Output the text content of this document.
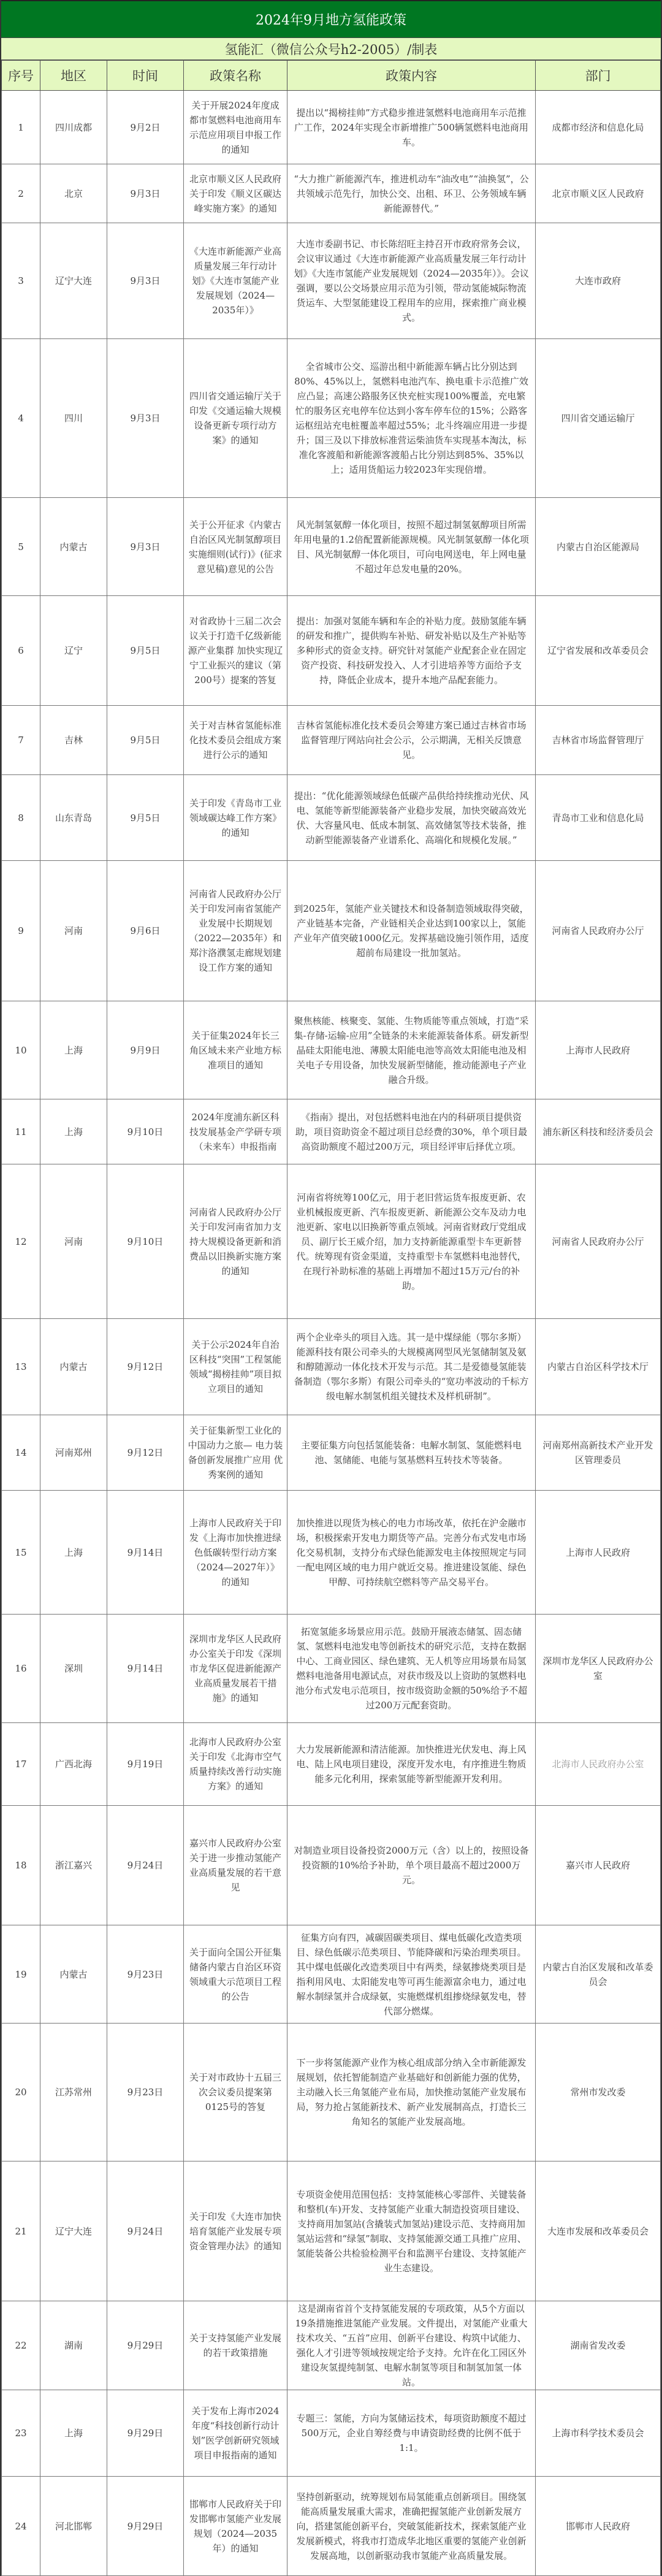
2024年9月地方氢能政策
氢能汇（微信公众号h2-2005）/制表
序号	地区	时间	政策名称	政策内容	部门
1	四川成都	9月2日	关于开展2024年度成都市氢燃料电池商用车示范应用项目申报工作的通知	提出以“揭榜挂帅”方式稳步推进氢燃料电池商用车示范推广工作，2024年实现全市新增推广500辆氢燃料电池商用车。	成都市经济和信息化局
2	北京	9月3日	北京市顺义区人民政府关于印发《顺义区碳达峰实施方案》的通知	“大力推广新能源汽车，推进机动车“油改电”“油换氢”，公共领域示范先行，加快公交、出租、环卫、公务领域车辆新能源替代。”	北京市顺义区人民政府
3	辽宁大连	9月3日	《大连市新能源产业高质量发展三年行动计划》《大连市氢能产业发展规划（2024—2035年）》	大连市委副书记、市长陈绍旺主持召开市政府常务会议，会议审议通过《大连市新能源产业高质量发展三年行动计划》《大连市氢能产业发展规划（2024—2035年）》。会议强调，要以公交场景应用示范为引领，带动氢能城际物流货运车、大型氢能建设工程用车的应用，探索推广商业模式。	大连市政府
4	四川	9月3日	四川省交通运输厅关于印发《交通运输大规模设备更新专项行动方案》的通知	全省城市公交、巡游出租中新能源车辆占比分别达到80%、45%以上，氢燃料电池汽车、换电重卡示范推广效应凸显；高速公路服务区快充桩实现100%覆盖，充电繁忙的服务区充电停车位达到小客车停车位的15%；公路客运枢纽站充电桩覆盖率超过55%；北斗终端应用进一步提升；国三及以下排放标准营运柴油货车实现基本淘汰，标准化客渡船和新能源客渡船占比分别达到85%、35%以上；适用货船运力较2023年实现倍增。	四川省交通运输厅
5	内蒙古	9月3日	关于公开征求《内蒙古自治区风光制氢醇项目实施细则(试行)》(征求意见稿)意见的公告	风光制氢氨醇一体化项目，按照不超过制氢氨醇项目所需年用电量的1.2倍配置新能源规模。风光制氢氨醇一体化项目、风光制氨醇一体化项目，可向电网送电，年上网电量不超过年总发电量的20%。	内蒙古自治区能源局
6	辽宁	9月5日	对省政协十三届二次会议关于打造千亿级新能源产业集群 加快实现辽宁工业振兴的建议（第200号）提案的答复	提出：加强对氢能车辆和车企的补贴力度。鼓励氢能车辆的研发和推广，提供购车补贴、研发补贴以及生产补贴等多种形式的资金支持。研究针对氢能产业配套企业在固定资产投资、科技研发投入、人才引进培养等方面给予支持，降低企业成本，提升本地产品配套能力。	辽宁省发展和改革委员会
7	吉林	9月5日	关于对吉林省氢能标准化技术委员会组成方案进行公示的通知	吉林省氢能标准化技术委员会筹建方案已通过吉林省市场监督管理厅网站向社会公示，公示期满，无相关反馈意见。	吉林省市场监督管理厅
8	山东青岛	9月5日	关于印发《青岛市工业领域碳达峰工作方案》的通知	提出：“优化能源领域绿色低碳产品供给持续推动光伏、风电、氢能等新型能源装备产业稳步发展，加快突破高效光伏、大容量风电、低成本制氢、高效储氢等技术装备，推动新型能源装备产业谱系化、高端化和规模化发展。”	青岛市工业和信息化局
9	河南	9月6日	河南省人民政府办公厅关于印发河南省氢能产业发展中长期规划（2022—2035年）和郑汴洛濮氢走廊规划建设工作方案的通知	到2025年，氢能产业关键技术和设备制造领域取得突破，产业链基本完备，产业链相关企业达到100家以上，氢能产业年产值突破1000亿元。发挥基础设施引领作用，适度超前布局建设一批加氢站。	河南省人民政府办公厅
10	上海	9月9日	关于征集2024年长三角区域未来产业地方标准项目的通知	聚焦核能、核聚变、氢能、生物质能等重点领域，打造“采集-存储-运输-应用”全链条的未来能源装备体系。研发新型晶硅太阳能电池、薄膜太阳能电池等高效太阳能电池及相关电子专用设备，加快发展新型储能，推动能源电子产业融合升级。	上海市人民政府
11	上海	9月10日	2024年度浦东新区科技发展基金产学研专项（未来车）申报指南	《指南》提出，对包括燃料电池在内的科研项目提供资助，项目资助资金不超过项目总经费的30%，单个项目最高资助额度不超过200万元，项目经评审后择优立项。	浦东新区科技和经济委员会
12	河南	9月10日	河南省人民政府办公厅关于印发河南省加力支持大规模设备更新和消费品以旧换新实施方案的通知	河南省将统筹100亿元，用于老旧营运货车报废更新、农业机械报废更新、汽车报废更新、新能源公交车及动力电池更新、家电以旧换新等重点领域。河南省财政厅党组成员、副厅长王威介绍，加力支持新能源重型卡车更新替代。统筹现有资金渠道，支持重型卡车氢燃料电池替代，在现行补助标准的基础上再增加不超过15万元/台的补助。	河南省人民政府办公厅
13	内蒙古	9月12日	关于公示2024年自治区科技“突围”工程氢能领域“揭榜挂帅”项目拟立项目的通知	两个企业牵头的项目入选。其一是中煤绿能（鄂尔多斯）能源科技有限公司牵头的大规模离网型风光氢储制氢及氨和醇随源动一体化技术开发与示范。其二是爱德曼氢能装备制造（鄂尔多斯）有限公司牵头的“宽功率波动的千标方级电解水制氢机组关键技术及样机研制”。	内蒙古自治区科学技术厅
14	河南郑州	9月12日	关于征集新型工业化的中国动力之旅— 电力装备创新发展推广应用 优秀案例的通知	主要征集方向包括氢能装备：电解水制氢、氢能燃料电池、氢储能、电能与氢基燃料互转技术等装备。	河南郑州高新技术产业开发区管理委员
15	上海	9月14日	上海市人民政府关于印发《上海市加快推进绿色低碳转型行动方案（2024—2027年）》的通知	加快推进以现货为核心的电力市场改革，依托在沪金融市场，积极探索开发电力期货等产品。完善分布式发电市场化交易机制，支持分布式绿色能源发电主体按照规定与同一配电网区域的电力用户就近交易。推进建设氢能、绿色甲醇、可持续航空燃料等产品交易平台。	上海市人民政府
16	深圳	9月14日	深圳市龙华区人民政府办公室关于印发《深圳市龙华区促进新能源产业高质量发展若干措施》的通知	拓宽氢能多场景应用示范。鼓励开展液态储氢、固态储氢、氢燃料电池发电等创新技术的研究示范，支持在数据中心、工商业园区、绿色建筑、无人机等应用场景布局氢燃料电池备用电源试点，对获市级及以上资助的氢燃料电池分布式发电示范项目，按市级资助金额的50%给予不超过200万元配套资助。	深圳市龙华区人民政府办公室
17	广西北海	9月19日	北海市人民政府办公室关于印发《北海市空气质量持续改善行动实施方案》的通知	大力发展新能源和清洁能源。加快推进光伏发电、海上风电、陆上风电项目建设，深度开发水电，有序推进生物质能多元化利用，探索氢能等新型能源开发利用。	北海市人民政府办公室
18	浙江嘉兴	9月24日	嘉兴市人民政府办公室关于进一步推动氢能产业高质量发展的若干意见	对制造业项目设备投资2000万元（含）以上的，按照设备投资额的10%给予补助，单个项目最高不超过2000万元。	嘉兴市人民政府
19	内蒙古	9月23日	关于面向全国公开征集储备内蒙古自治区环资领域重大示范项目工程的公告	征集方向有四，减碳固碳类项目、煤电低碳化改造类项目、绿色低碳示范类项目、节能降碳和污染治理类项目。其中煤电低碳化改造类项目中有两类，绿氨掺烧类项目是指利用风电、太阳能发电等可再生能源富余电力，通过电解水制绿氢并合成绿氨，实施燃煤机组掺烧绿氨发电，替代部分燃煤。	内蒙古自治区发展和改革委员会
20	江苏常州	9月23日	关于对市政协十五届三次会议委员提案第0125号的答复	下一步将氢能源产业作为核心组成部分纳入全市新能源发展规划，依托智能制造产业基础好和创新能力强的优势，主动融入长三角氢能产业布局，加快推动氢能产业发展布局，努力抢占氢能新技术、新产业发展制高点，打造长三角知名的氢能产业发展高地。	常州市发改委
21	辽宁大连	9月24日	关于印发《大连市加快培育氢能产业发展专项资金管理办法》的通知	专项资金使用范围包括：支持氢能核心零部件、关键装备和整机(车)开发、支持氢能产业重大制造投资项目建设、支持商用加氢站(含撬装式加氢站)建设示范、支持商用加氢站运营和“绿氢”制取、支持氢能源交通工具推广应用、氢能装备公共检验检测平台和监测平台建设、支持氢能产业生态建设。	大连市发展和改革委员会
22	湖南	9月29日	关于支持氢能产业发展的若干政策措施	这是湖南省首个支持氢能发展的专项政策，从5个方面以19条措施推进氢能产业发展。文件提出，对氢能产业重大技术攻关、“五首”应用、创新平台建设、构筑中试能力、强化人才引进等领域按规定给予支持。允许在化工园区外建设灰氢提纯制氢、电解水制氢等项目和制氢加氢一体站。	湖南省发改委
23	上海	9月29日	关于发布上海市2024年度“科技创新行动计划”医学创新研究领域项目申报指南的通知	专题三：氢能，方向为氢储运技术，每项资助额度不超过500万元，企业自筹经费与申请资助经费的比例不低于1:1。	上海市科学技术委员会
24	河北邯郸	9月29日	邯郸市人民政府关于印发邯郸市氢能产业发展规划（2024—2035年）的通知	坚持创新驱动，统筹规划布局氢能重点创新项目。围绕氢能高质量发展重大需求，准确把握氢能产业创新发展方向，搭建氢能创新平台，突破氢能新技术，探索氢能产业发展新模式，将我市打造成华北地区重要的氢能产业创新发展高地，以创新驱动我市氢能产业高质量发展。	邯郸市人民政府
